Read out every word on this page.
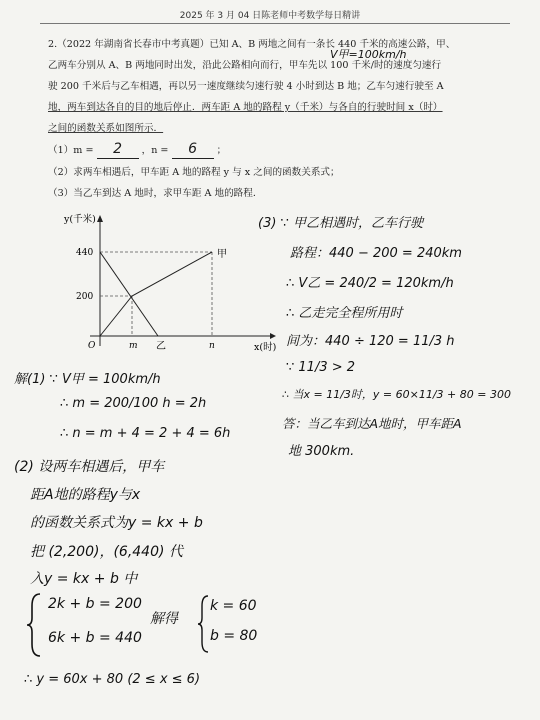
2025 年 3 月 04 日陈老师中考数学每日精讲
2.（2022 年湖南省长春市中考真题）已知 A、B 两地之间有一条长 440 千米的高速公路，甲、
乙两车分别从 A、B 两地同时出发，沿此公路相向而行，甲车先以 100 千米/时的速度匀速行
驶 200 千米后与乙车相遇，再以另一速度继续匀速行驶 4 小时到达 B 地；乙车匀速行驶至 A
地，两车到达各自的目的地后停止．两车距 A 地的路程 y（千米）与各自的行驶时间 x（时）
之间的函数关系如图所示．
V甲=100km/h
（1）m = 2 ，n = 6 ；
（2）求两车相遇后，甲车距 A 地的路程 y 与 x 之间的函数关系式；
（3）当乙车到达 A 地时，求甲车距 A 地的路程．
y(千米)
x(时)
440
200
O	m	n
甲
乙
解(1) ∵ V甲 = 100km/h
∴ m = 200/100 h = 2h
∴ n = m + 4 = 2 + 4 = 6h
(2) 设两车相遇后，甲车
距A地的路程y与x
的函数关系式为y = kx + b
把 (2,200)，(6,440) 代
入y = kx + b 中
2k + b = 200
6k + b = 440
解得
k = 60
b = 80
∴ y = 60x + 80 (2 ≤ x ≤ 6)
(3) ∵ 甲乙相遇时，乙车行驶
路程：440 − 200 = 240km
∴ V乙 = 240/2 = 120km/h
∴ 乙走完全程所用时
间为：440 ÷ 120 = 11/3 h
∵ 11/3 > 2
∴ 当x = 11/3时，y = 60×11/3 + 80 = 300
答：当乙车到达A地时，甲车距A
地 300km.
